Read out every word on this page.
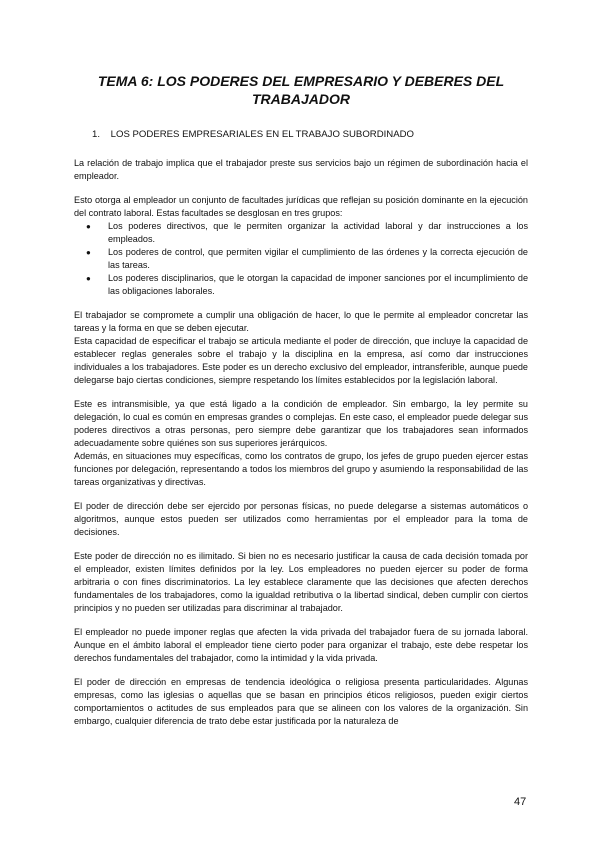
TEMA 6: LOS PODERES DEL EMPRESARIO Y DEBERES DEL TRABAJADOR
1. LOS PODERES EMPRESARIALES EN EL TRABAJO SUBORDINADO

La relación de trabajo implica que el trabajador preste sus servicios bajo un régimen de subordinación hacia el empleador.

Esto otorga al empleador un conjunto de facultades jurídicas que reflejan su posición dominante en la ejecución del contrato laboral. Estas facultades se desglosan en tres grupos:

● Los poderes directivos, que le permiten organizar la actividad laboral y dar instrucciones a los empleados.
● Los poderes de control, que permiten vigilar el cumplimiento de las órdenes y la correcta ejecución de las tareas.
● Los poderes disciplinarios, que le otorgan la capacidad de imponer sanciones por el incumplimiento de las obligaciones laborales.

El trabajador se compromete a cumplir una obligación de hacer, lo que le permite al empleador concretar las tareas y la forma en que se deben ejecutar.

Esta capacidad de especificar el trabajo se articula mediante el poder de dirección, que incluye la capacidad de establecer reglas generales sobre el trabajo y la disciplina en la empresa, así como dar instrucciones individuales a los trabajadores. Este poder es un derecho exclusivo del empleador, intransferible, aunque puede delegarse bajo ciertas condiciones, siempre respetando los límites establecidos por la legislación laboral.

Este es intransmisible, ya que está ligado a la condición de empleador. Sin embargo, la ley permite su delegación, lo cual es común en empresas grandes o complejas. En este caso, el empleador puede delegar sus poderes directivos a otras personas, pero siempre debe garantizar que los trabajadores sean informados adecuadamente sobre quiénes son sus superiores jerárquicos.

Además, en situaciones muy específicas, como los contratos de grupo, los jefes de grupo pueden ejercer estas funciones por delegación, representando a todos los miembros del grupo y asumiendo la responsabilidad de las tareas organizativas y directivas.

El poder de dirección debe ser ejercido por personas físicas, no puede delegarse a sistemas automáticos o algoritmos, aunque estos pueden ser utilizados como herramientas por el empleador para la toma de decisiones.

Este poder de dirección no es ilimitado. Si bien no es necesario justificar la causa de cada decisión tomada por el empleador, existen límites definidos por la ley. Los empleadores no pueden ejercer su poder de forma arbitraria o con fines discriminatorios. La ley establece claramente que las decisiones que afecten derechos fundamentales de los trabajadores, como la igualdad retributiva o la libertad sindical, deben cumplir con ciertos principios y no pueden ser utilizadas para discriminar al trabajador.

El empleador no puede imponer reglas que afecten la vida privada del trabajador fuera de su jornada laboral. Aunque en el ámbito laboral el empleador tiene cierto poder para organizar el trabajo, este debe respetar los derechos fundamentales del trabajador, como la intimidad y la vida privada.

El poder de dirección en empresas de tendencia ideológica o religiosa presenta particularidades. Algunas empresas, como las iglesias o aquellas que se basan en principios éticos religiosos, pueden exigir ciertos comportamientos o actitudes de sus empleados para que se alineen con los valores de la organización. Sin embargo, cualquier diferencia de trato debe estar justificada por la naturaleza de

47
